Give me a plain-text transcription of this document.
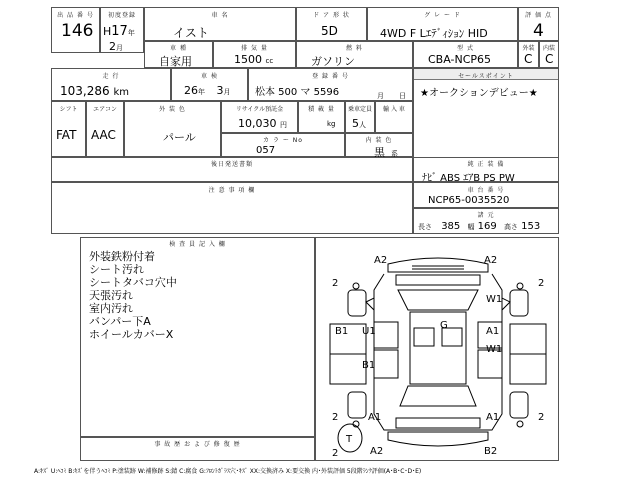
出 品 番 号
146
初度登録
H17年
2月
車 名
イスト
ド ア 形 状
5D
グ レ ー ド
4WD F Lｴﾃﾞｨｼｮﾝ HID
評 価 点
4
車 種
自家用
排 気 量
1500 cc
燃 料
ガソリン
型 式
CBA-NCP65
外装
C
内装
C
走 行
103,286 km
車 検
26年 3月
登 録 番 号
松本 500 マ 5596	月 日
セールスポイント
★オークションデビュー★
シフト
FAT
エアコン
AAC
外 装 色
パール
リサイクル預託金
10,030 円
積 載 量
kg
乗車定員
5人
輸 入 車
カ ラ ー No
057
内 装 色
黒系
後日発送書類	純 正 装 備
ﾅﾋﾞ ABS ｴｱB PS PW
注 意 事 項 欄	車 台 番 号
NCP65-0035520
諸 元
長さ 385 幅 169 高さ 153
検 査 員 記 入 欄
外装鉄粉付着
シート汚れ
シートタバコ穴中
天張汚れ
室内汚れ
バンパー下A
ホイールカバーX
事 故 歴 お よ び 修 復 歴
A2	A2
2	2
W1
G
B1 U1	A1
W1
B1
A1	A1
2	2
A2	B2
T
2
A:ｷｽﾞ U:ﾍｺﾐ B:ｷｽﾞを伴うﾍｺﾐ P:塗装跡 W:補修跡 S:錆 C:腐食 G:ﾌﾛﾝﾄｶﾞﾗｽ穴･ｷｽﾞ XX:交換済み X:要交換 内･外装評価 5段階ﾗﾝｸ評価(A･B･C･D･E)
